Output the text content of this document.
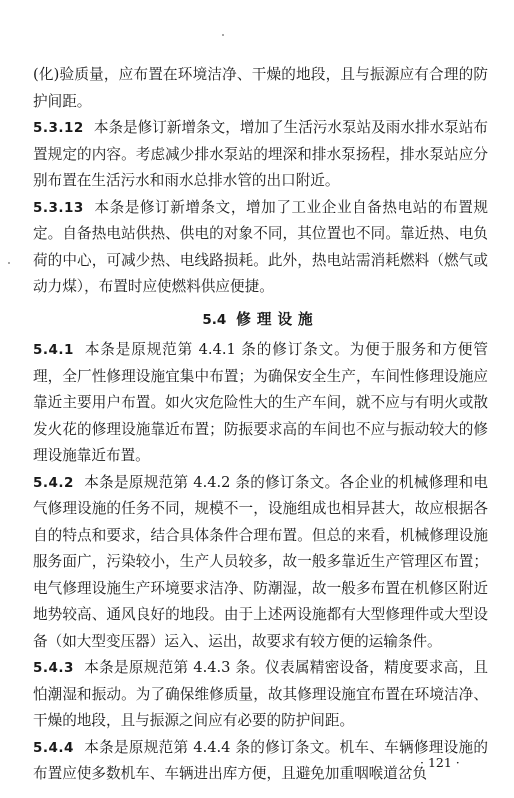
(化)验质量，应布置在环境洁净、干燥的地段，且与振源应有合理的防护间距。

5.3.12 本条是修订新增条文，增加了生活污水泵站及雨水排水泵站布置规定的内容。考虑减少排水泵站的埋深和排水泵扬程，排水泵站应分别布置在生活污水和雨水总排水管的出口附近。

5.3.13 本条是修订新增条文，增加了工业企业自备热电站的布置规定。自备热电站供热、供电的对象不同，其位置也不同。靠近热、电负荷的中心，可减少热、电线路损耗。此外，热电站需消耗燃料（燃气或动力煤），布置时应使燃料供应便捷。

5.4 修理设施

5.4.1 本条是原规范第 4.4.1 条的修订条文。为便于服务和方便管理，全厂性修理设施宜集中布置；为确保安全生产，车间性修理设施应靠近主要用户布置。如火灾危险性大的生产车间，就不应与有明火或散发火花的修理设施靠近布置；防振要求高的车间也不应与振动较大的修理设施靠近布置。

5.4.2 本条是原规范第 4.4.2 条的修订条文。各企业的机械修理和电气修理设施的任务不同，规模不一，设施组成也相异甚大，故应根据各自的特点和要求，结合具体条件合理布置。但总的来看，机械修理设施服务面广，污染较小，生产人员较多，故一般多靠近生产管理区布置；电气修理设施生产环境要求洁净、防潮湿，故一般多布置在机修区附近地势较高、通风良好的地段。由于上述两设施都有大型修理件或大型设备（如大型变压器）运入、运出，故要求有较方便的运输条件。

5.4.3 本条是原规范第 4.4.3 条。仪表属精密设备，精度要求高，且怕潮湿和振动。为了确保维修质量，故其修理设施宜布置在环境洁净、干燥的地段，且与振源之间应有必要的防护间距。

5.4.4 本条是原规范第 4.4.4 条的修订条文。机车、车辆修理设施的布置应使多数机车、车辆进出库方便，且避免加重咽喉道岔负

· 121 ·
